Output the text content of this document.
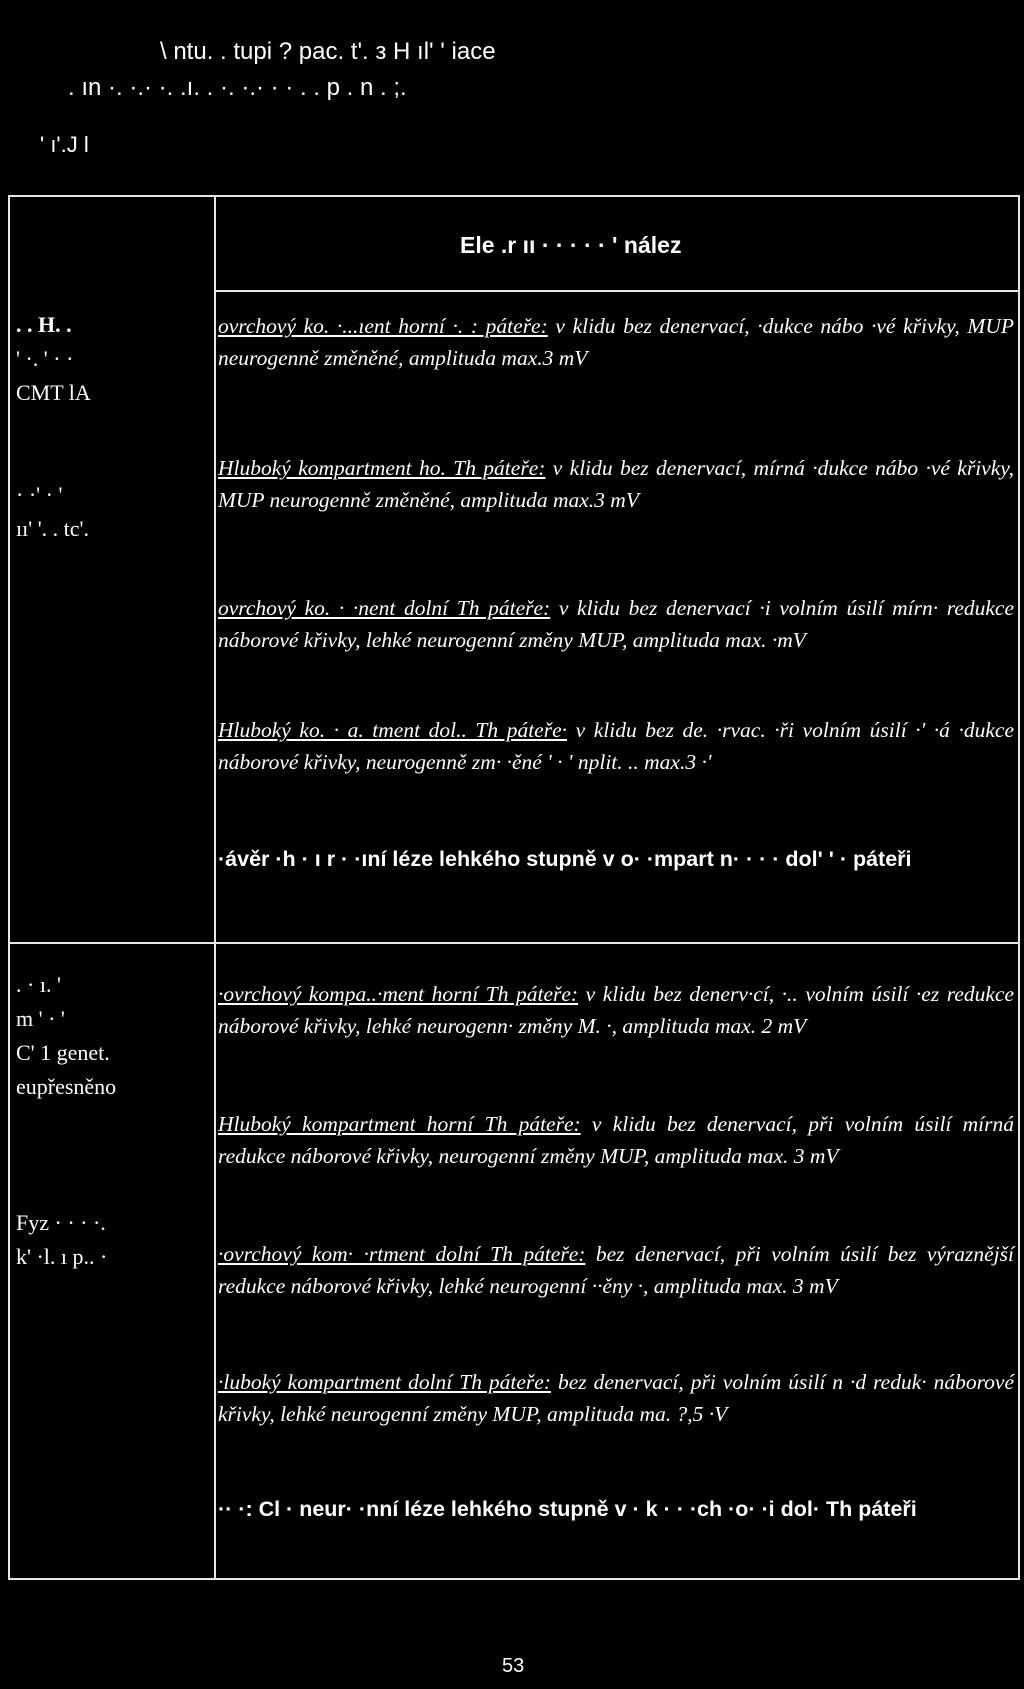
\ ntu. . tupi ? pac. t'. з H ıl' ' iace
. ın ·. ·.· ·. .ı. . ·. ·.· · · . . p . n . ;.
' ı'.J l
Ele .r ıı · · · · · ' nález
. . H. .
' ·. ' · ·
CMT lA
· ·' · '
ıı' '. . tc'.
ovrchový ko. ·...ıent horní ·. : páteře: v klidu bez denervací, ·dukce nábo ·vé křivky, MUP neurogenně změněné, amplituda max.3 mV
Hluboký kompartment ho. Th páteře: v klidu bez denervací, mírná ·dukce nábo ·vé křivky, MUP neurogenně změněné, amplituda max.3 mV
ovrchový ko. · ·nent dolní Th páteře: v klidu bez denervací ·i volním úsilí mírn· redukce náborové křivky, lehké neurogenní změny MUP, amplituda max. ·mV
Hluboký ko. · a. tment dol.. Th páteře· v klidu bez de. ·rvac. ·ři volním úsilí ·' ·á ·dukce náborové křivky, neurogenně zm· ·ěné ' · ' nplit. .. max.3 ·'
·ávěr ·h · ı r · ·ıní léze lehkého stupně v o· ·mpart n· · · · dol' ' · páteři
. · ı. '
m ' · '
C' 1 genet.
eupřesněno
Fyz · · · ·.
k' ·l. ı p.. ·
·ovrchový kompa..·ment horní Th páteře: v klidu bez denerv·cí, ·.. volním úsilí ·ez redukce náborové křivky, lehké neurogenn· změny M. ·, amplituda max. 2 mV
Hluboký kompartment horní Th páteře: v klidu bez denervací, při volním úsilí mírná redukce náborové křivky, neurogenní změny MUP, amplituda max. 3 mV
·ovrchový kom· ·rtment dolní Th páteře: bez denervací, při volním úsilí bez výraznější redukce náborové křivky, lehké neurogenní ··ěny ·, amplituda max. 3 mV
·luboký kompartment dolní Th páteře: bez denervací, při volním úsilí n ·d reduk· náborové křivky, lehké neurogenní změny MUP, amplituda ma. ?,5 ·V
·· ·: Cl · neur· ·nní léze lehkého stupně v · k · · ·ch ·o· ·i dol· Th páteři
53
